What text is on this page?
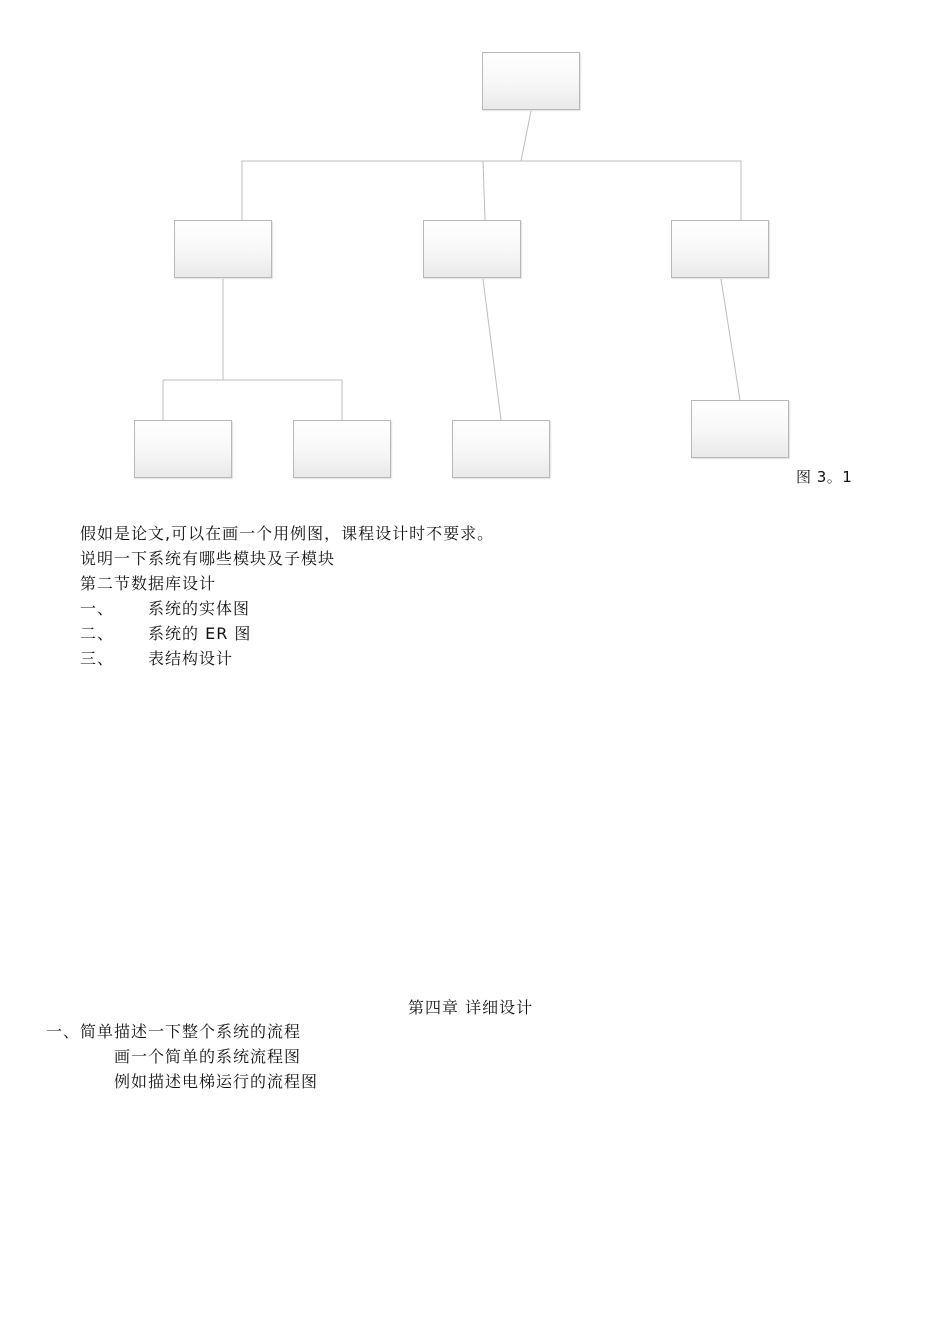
图 3。1
假如是论文,可以在画一个用例图，课程设计时不要求。
说明一下系统有哪些模块及子模块
第二节数据库设计
一、 系统的实体图
二、 系统的 ER 图
三、 表结构设计
第四章 详细设计
一、简单描述一下整个系统的流程
画一个简单的系统流程图
例如描述电梯运行的流程图
